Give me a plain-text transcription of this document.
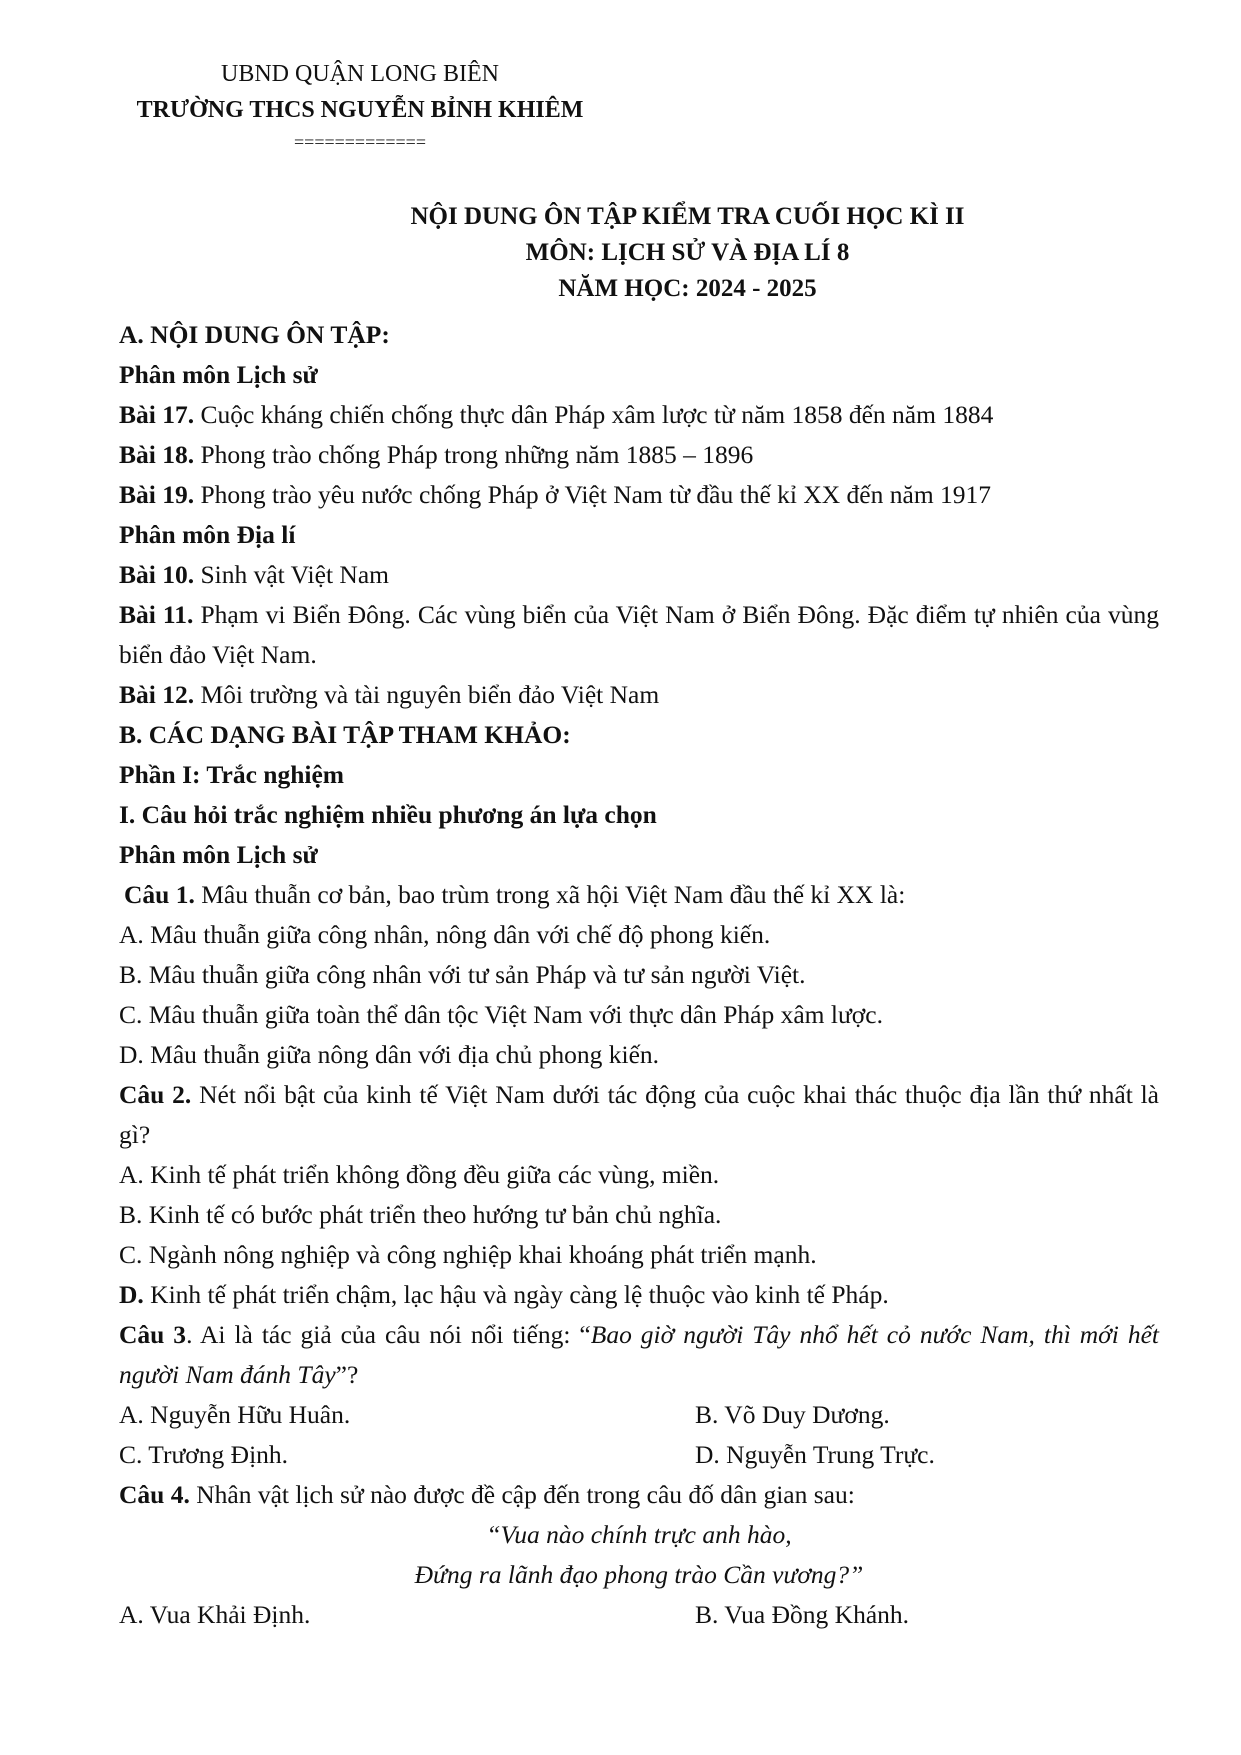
UBND QUẬN LONG BIÊN
TRƯỜNG THCS NGUYỄN BỈNH KHIÊM
=============
NỘI DUNG ÔN TẬP KIỂM TRA CUỐI HỌC KÌ II
MÔN: LỊCH SỬ VÀ ĐỊA LÍ 8
NĂM HỌC: 2024 - 2025
A. NỘI DUNG ÔN TẬP:
Phân môn Lịch sử
Bài 17. Cuộc kháng chiến chống thực dân Pháp xâm lược từ năm 1858 đến năm 1884
Bài 18. Phong trào chống Pháp trong những năm 1885 – 1896
Bài 19. Phong trào yêu nước chống Pháp ở Việt Nam từ đầu thế kỉ XX đến năm 1917
Phân môn Địa lí
Bài 10. Sinh vật Việt Nam
Bài 11. Phạm vi Biển Đông. Các vùng biển của Việt Nam ở Biển Đông. Đặc điểm tự nhiên của vùng biển đảo Việt Nam.
Bài 12. Môi trường và tài nguyên biển đảo Việt Nam
B. CÁC DẠNG BÀI TẬP THAM KHẢO:
Phần I: Trắc nghiệm
I. Câu hỏi trắc nghiệm nhiều phương án lựa chọn
Phân môn Lịch sử
Câu 1. Mâu thuẫn cơ bản, bao trùm trong xã hội Việt Nam đầu thế kỉ XX là:
A. Mâu thuẫn giữa công nhân, nông dân với chế độ phong kiến.
B. Mâu thuẫn giữa công nhân với tư sản Pháp và tư sản người Việt.
C. Mâu thuẫn giữa toàn thể dân tộc Việt Nam với thực dân Pháp xâm lược.
D. Mâu thuẫn giữa nông dân với địa chủ phong kiến.
Câu 2. Nét nổi bật của kinh tế Việt Nam dưới tác động của cuộc khai thác thuộc địa lần thứ nhất là gì?
A. Kinh tế phát triển không đồng đều giữa các vùng, miền.
B. Kinh tế có bước phát triển theo hướng tư bản chủ nghĩa.
C. Ngành nông nghiệp và công nghiệp khai khoáng phát triển mạnh.
D. Kinh tế phát triển chậm, lạc hậu và ngày càng lệ thuộc vào kinh tế Pháp.
Câu 3. Ai là tác giả của câu nói nổi tiếng: “Bao giờ người Tây nhổ hết cỏ nước Nam, thì mới hết người Nam đánh Tây”?
A. Nguyễn Hữu Huân.	B. Võ Duy Dương.
C. Trương Định.	D. Nguyễn Trung Trực.
Câu 4. Nhân vật lịch sử nào được đề cập đến trong câu đố dân gian sau:
“Vua nào chính trực anh hào,
Đứng ra lãnh đạo phong trào Cần vương?”
A. Vua Khải Định.	B. Vua Đồng Khánh.
